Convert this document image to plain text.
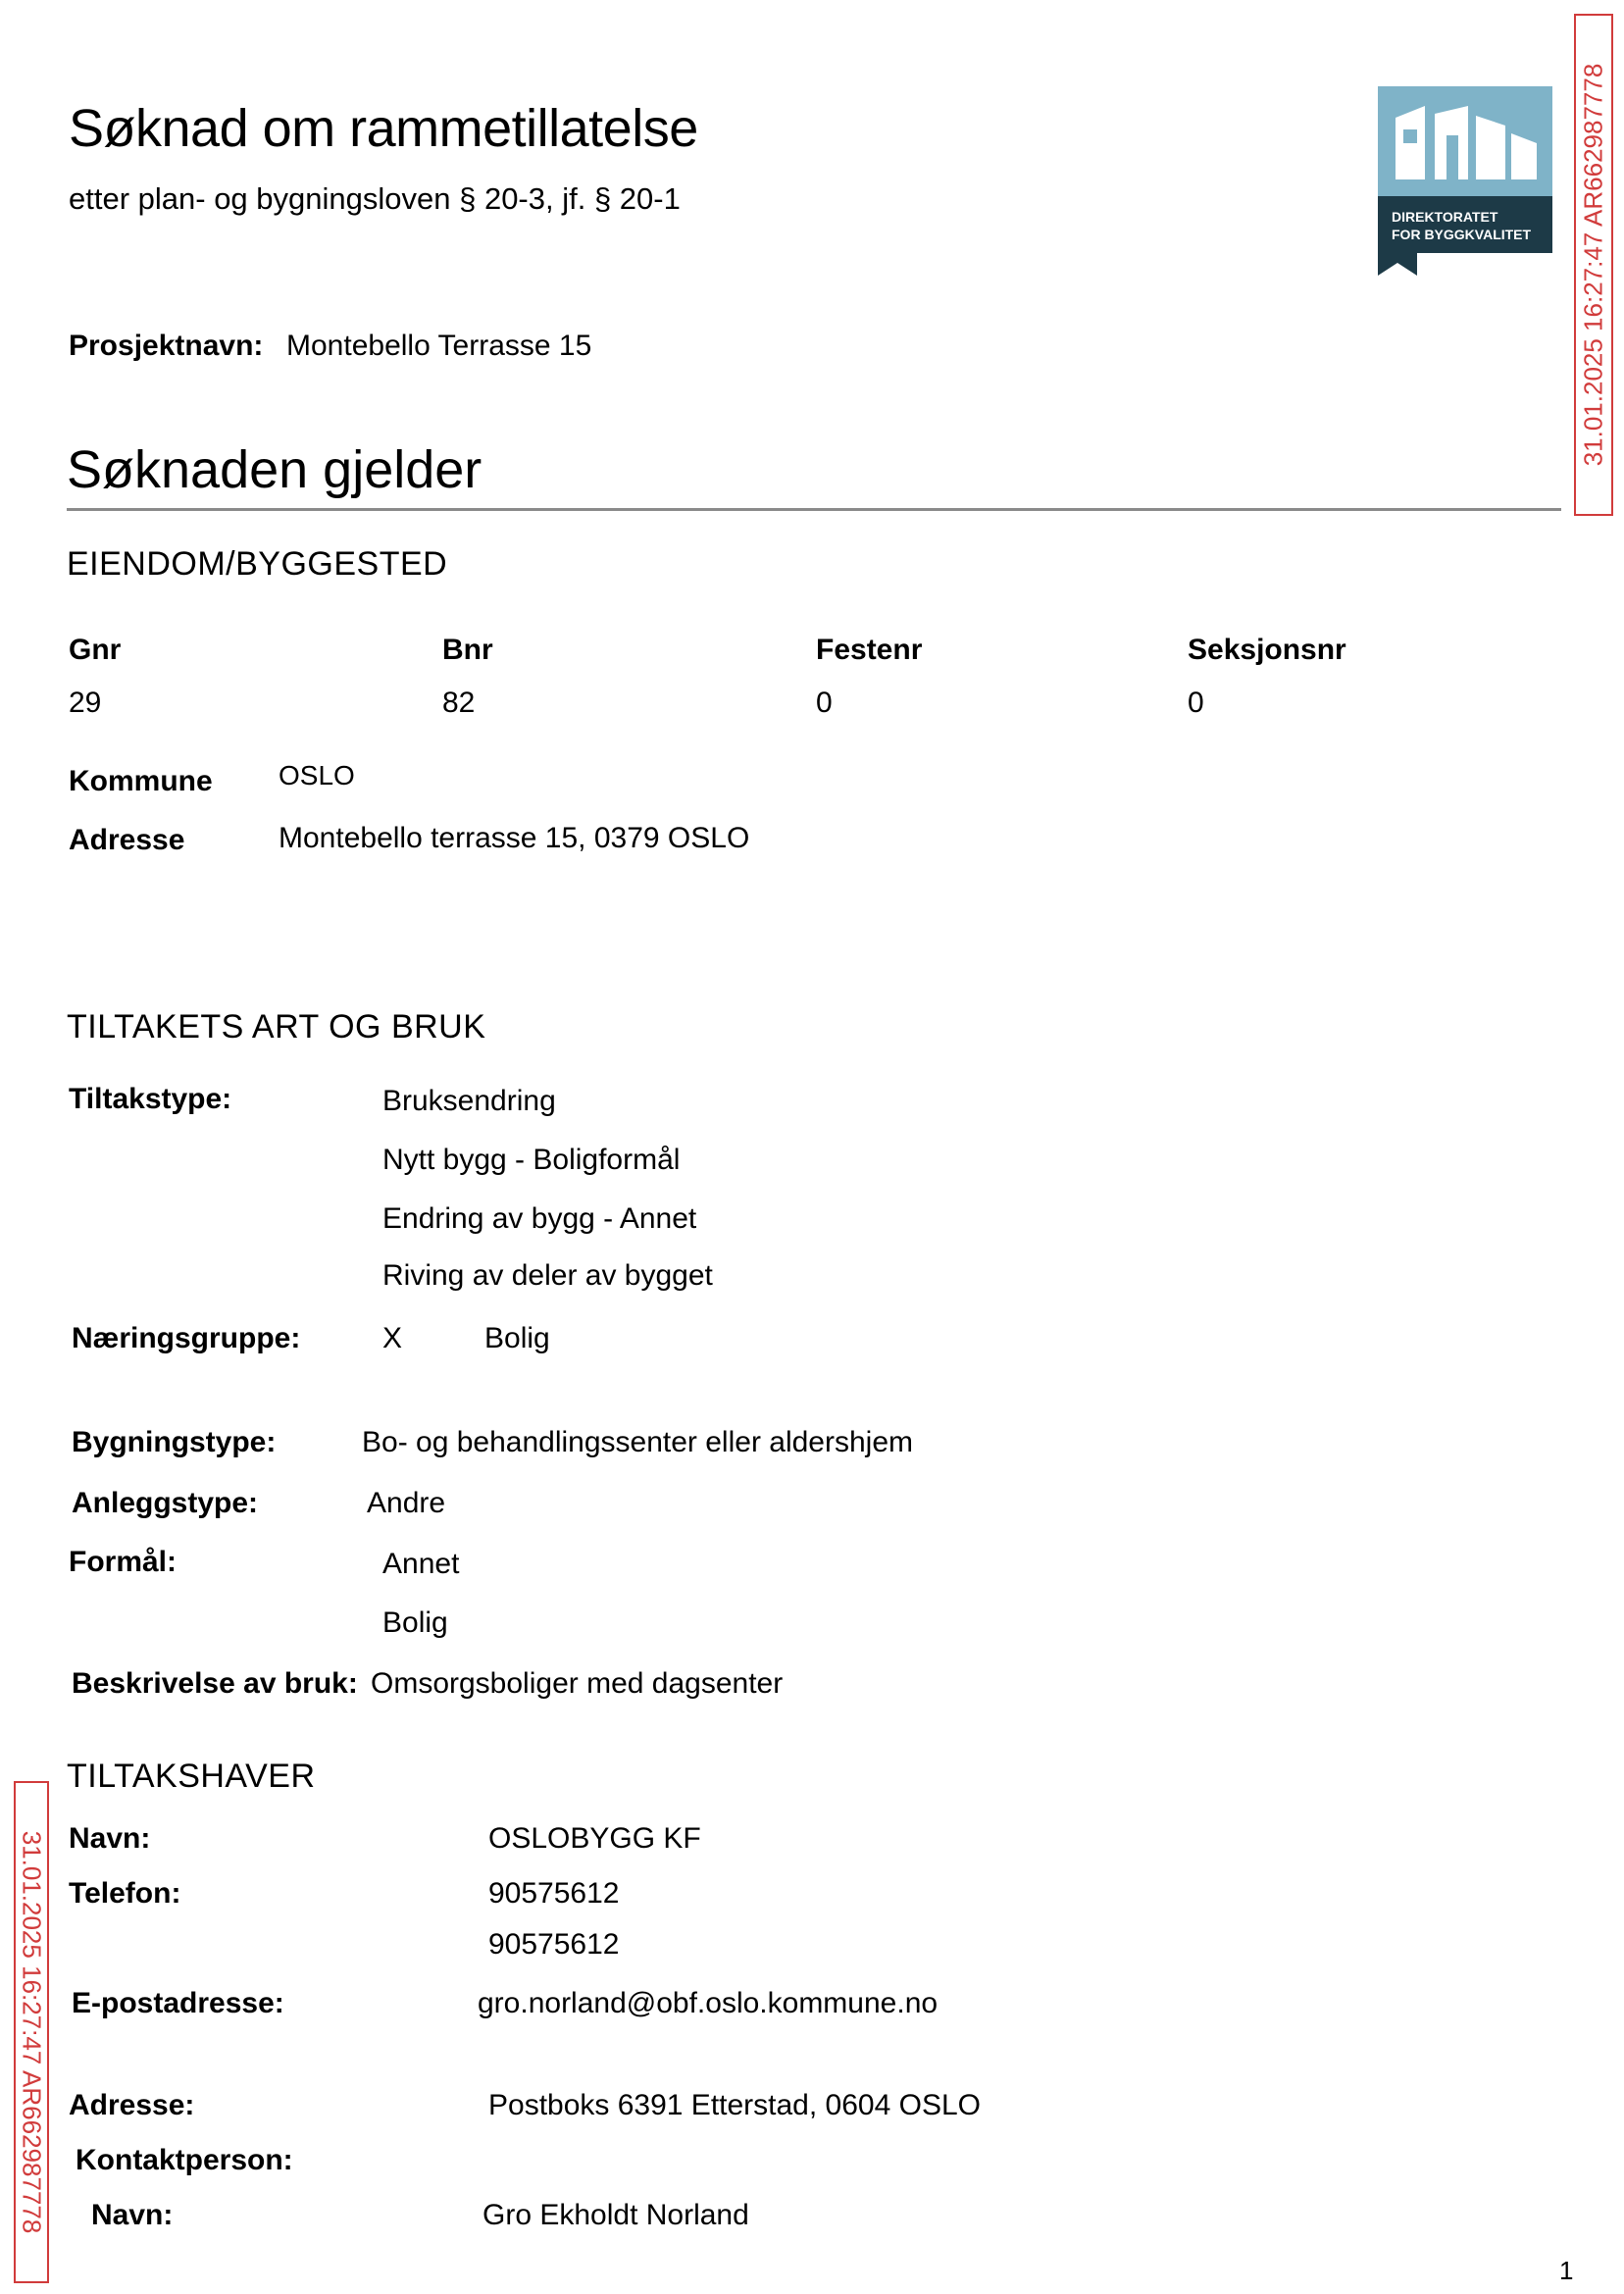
Søknad om rammetillatelse
etter plan- og bygningsloven § 20-3, jf. § 20-1
DIREKTORATET
FOR BYGGKVALITET 31.01.2025 16:27:47 AR662987778
31.01.2025 16:27:47 AR662987778
Prosjektnavn: Montebello Terrasse 15
Søknaden gjelder
EIENDOM/BYGGESTED
Gnr	Bnr	Festenr	Seksjonsnr
29	82	0	0
Kommune OSLO
Adresse	Montebello terrasse 15, 0379 OSLO
TILTAKETS ART OG BRUK
Tiltakstype:	Bruksendring
Nytt bygg - Boligformål
Endring av bygg - Annet
Riving av deler av bygget
Næringsgruppe:	X	Bolig
Bygningstype:	Bo- og behandlingssenter eller aldershjem
Anleggstype:	Andre
Formål:	Annet
Bolig
Beskrivelse av bruk: Omsorgsboliger med dagsenter
TILTAKSHAVER
Navn:	OSLOBYGG KF
Telefon:	90575612
90575612
E-postadresse:	gro.norland@obf.oslo.kommune.no
Adresse:	Postboks 6391 Etterstad, 0604 OSLO
Kontaktperson:
Navn:	Gro Ekholdt Norland
1
